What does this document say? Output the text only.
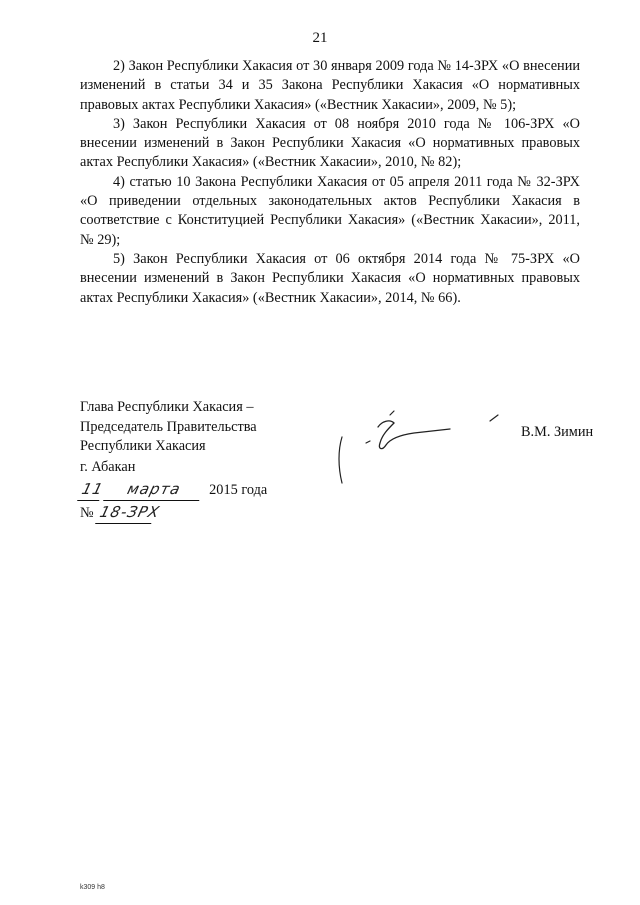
21

2) Закон Республики Хакасия от 30 января 2009 года № 14-ЗРХ «О внесении изменений в статьи 34 и 35 Закона Республики Хакасия «О нормативных правовых актах Республики Хакасия» («Вестник Хакасии», 2009, № 5);

3) Закон Республики Хакасия от 08 ноября 2010 года № 106-ЗРХ «О внесении изменений в Закон Республики Хакасия «О нормативных правовых актах Республики Хакасия» («Вестник Хакасии», 2010, № 82);

4) статью 10 Закона Республики Хакасия от 05 апреля 2011 года № 32-ЗРХ «О приведении отдельных законодательных актов Республики Хакасия в соответствие с Конституцией Республики Хакасия» («Вестник Хакасии», 2011, № 29);

5) Закон Республики Хакасия от 06 октября 2014 года № 75-ЗРХ «О внесении изменений в Закон Республики Хакасия «О нормативных правовых актах Республики Хакасия» («Вестник Хакасии», 2014, № 66).

Глава Республики Хакасия –
Председатель Правительства
Республики Хакасия
В.М. Зимин
г. Абакан
11 марта 2015 года
№ 18-ЗРХ
k309 h8
